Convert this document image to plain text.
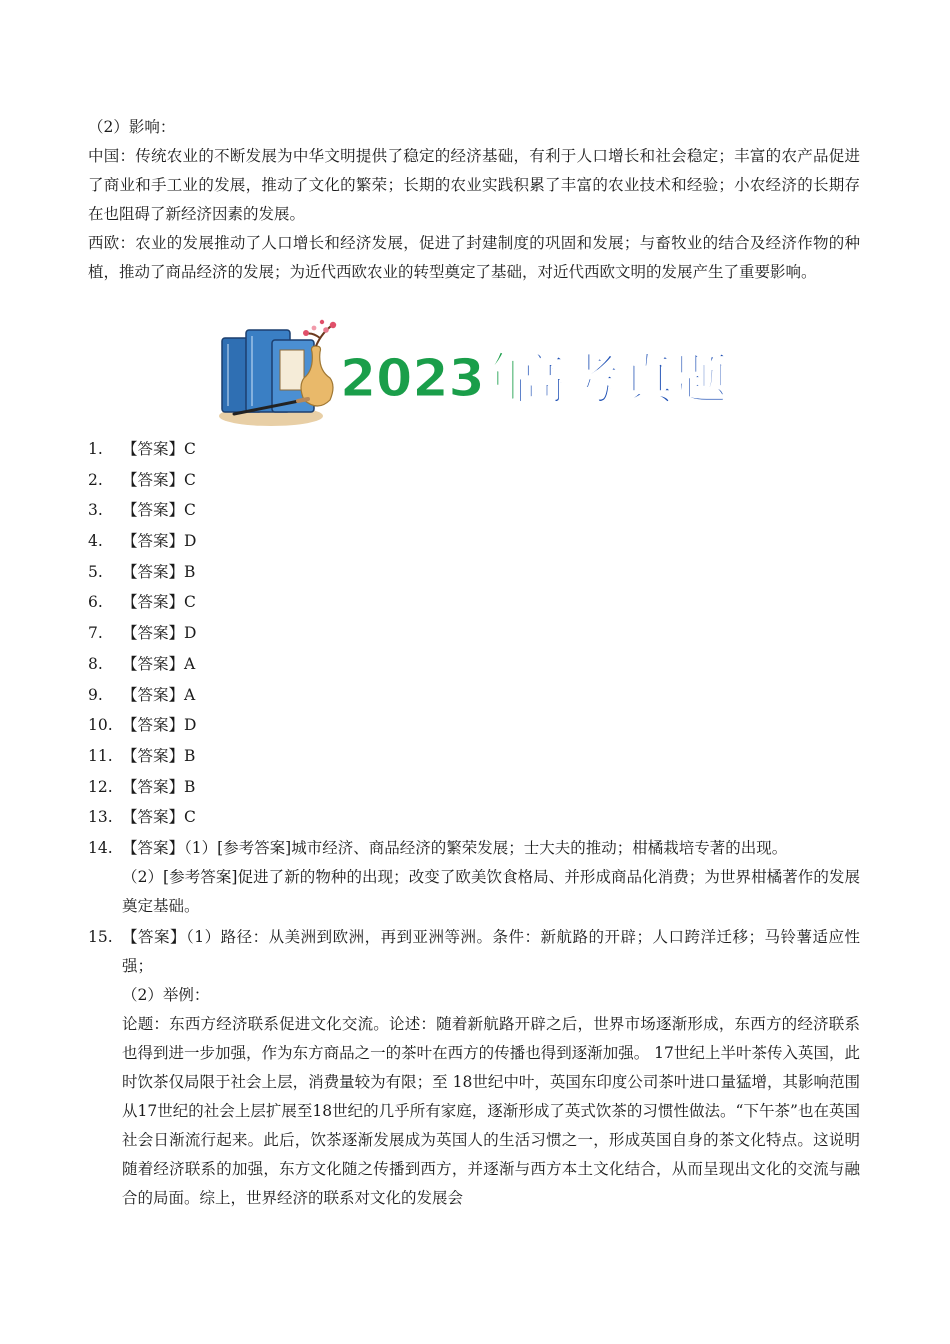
（2）影响：

中国：传统农业的不断发展为中华文明提供了稳定的经济基础，有利于人口增长和社会稳定；丰富的农产品促进了商业和手工业的发展，推动了文化的繁荣；长期的农业实践积累了丰富的农业技术和经验；小农经济的长期存在也阻碍了新经济因素的发展。

西欧：农业的发展推动了人口增长和经济发展，促进了封建制度的巩固和发展；与畜牧业的结合及经济作物的种植，推动了商品经济的发展；为近代西欧农业的转型奠定了基础，对近代西欧文明的发展产生了重要影响。

2023年
高考真题
1.	【答案】C
2.	【答案】C
3.	【答案】C
4.	【答案】D
5.	【答案】B
6.	【答案】C
7.	【答案】D
8.	【答案】A
9.	【答案】A
10. 【答案】D
11. 【答案】B
12. 【答案】B
13. 【答案】C
14. 【答案】（1）[参考答案]城市经济、商品经济的繁荣发展；士大夫的推动；柑橘栽培专著的出现。
（2）[参考答案]促进了新的物种的出现；改变了欧美饮食格局、并形成商品化消费；为世界柑橘著作的发展奠定基础。
15. 【答案】（1）路径：从美洲到欧洲，再到亚洲等洲。条件：新航路的开辟；人口跨洋迁移；马铃薯适应性强；
（2）举例：
论题：东西方经济联系促进文化交流。论述：随着新航路开辟之后，世界市场逐渐形成，东西方的经济联系也得到进一步加强，作为东方商品之一的茶叶在西方的传播也得到逐渐加强。 17世纪上半叶茶传入英国，此时饮茶仅局限于社会上层，消费量较为有限；至 18世纪中叶，英国东印度公司茶叶进口量猛增，其影响范围从17世纪的社会上层扩展至18世纪的几乎所有家庭，逐渐形成了英式饮茶的习惯性做法。“下午茶”也在英国社会日渐流行起来。此后，饮茶逐渐发展成为英国人的生活习惯之一，形成英国自身的茶文化特点。这说明随着经济联系的加强，东方文化随之传播到西方，并逐渐与西方本土文化结合，从而呈现出文化的交流与融合的局面。综上，世界经济的联系对文化的发展会
